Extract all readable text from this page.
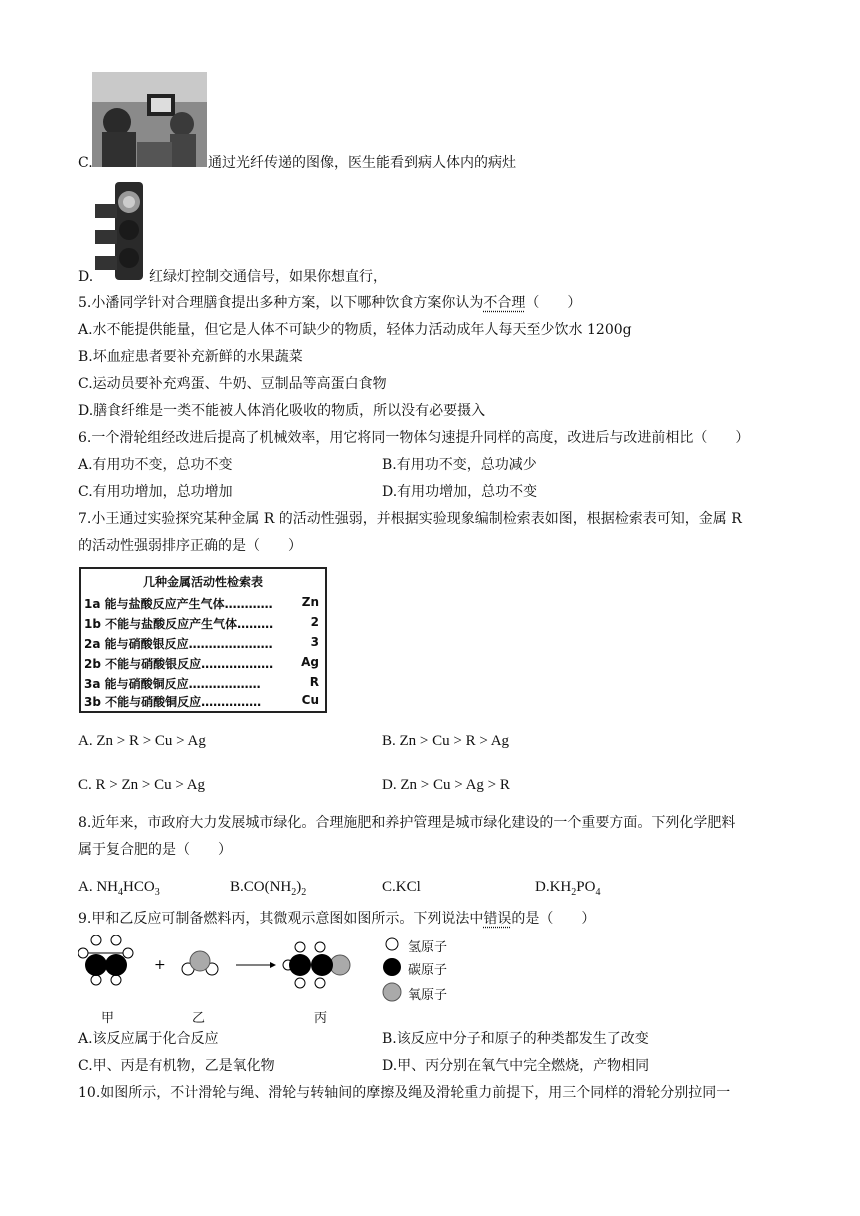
C.	通过光纤传递的图像，医生能看到病人体内的病灶
D.	红绿灯控制交通信号，如果你想直行，
5.小潘同学针对合理膳食提出多种方案，以下哪种饮食方案你认为不合理（　　）
A.水不能提供能量，但它是人体不可缺少的物质，轻体力活动成年人每天至少饮水 1200g
B.坏血症患者要补充新鲜的水果蔬菜
C.运动员要补充鸡蛋、牛奶、豆制品等高蛋白食物
D.膳食纤维是一类不能被人体消化吸收的物质，所以没有必要摄入
6.一个滑轮组经改进后提高了机械效率，用它将同一物体匀速提升同样的高度，改进后与改进前相比（　　）
A.有用功不变，总功不变	B.有用功不变，总功减少
C.有用功增加，总功增加	D.有用功增加，总功不变
7.小王通过实验探究某种金属 R 的活动性强弱，并根据实验现象编制检索表如图，根据检索表可知，金属 R
的活动性强弱排序正确的是（　　）
几种金属活动性检索表
1a 能与盐酸反应产生气体………… Zn
1b 不能与盐酸反应产生气体………	2
2a 能与硝酸银反应…………………	3
2b 不能与硝酸银反应……………… Ag
3a 能与硝酸铜反应………………	R
3b 不能与硝酸铜反应……………	Cu
A. Zn > R > Cu > Ag	B. Zn > Cu > R > Ag
C. R > Zn > Cu > Ag	D. Zn > Cu > Ag > R
8.近年来，市政府大力发展城市绿化。合理施肥和养护管理是城市绿化建设的一个重要方面。下列化学肥料
属于复合肥的是（　　）
A. $NH_4HCO_3$	$B.CO(NH_2)_2$	C.KCl	$D.KH_2PO_4$
9.甲和乙反应可制备燃料丙，其微观示意图如图所示。下列说法中错误的是（　　）
+
氢原子
碳原子
氧原子
甲	乙	丙
A.该反应属于化合反应	B.该反应中分子和原子的种类都发生了改变
C.甲、丙是有机物，乙是氧化物	D.甲、丙分别在氧气中完全燃烧，产物相同
10.如图所示，不计滑轮与绳、滑轮与转轴间的摩擦及绳及滑轮重力前提下，用三个同样的滑轮分别拉同一
